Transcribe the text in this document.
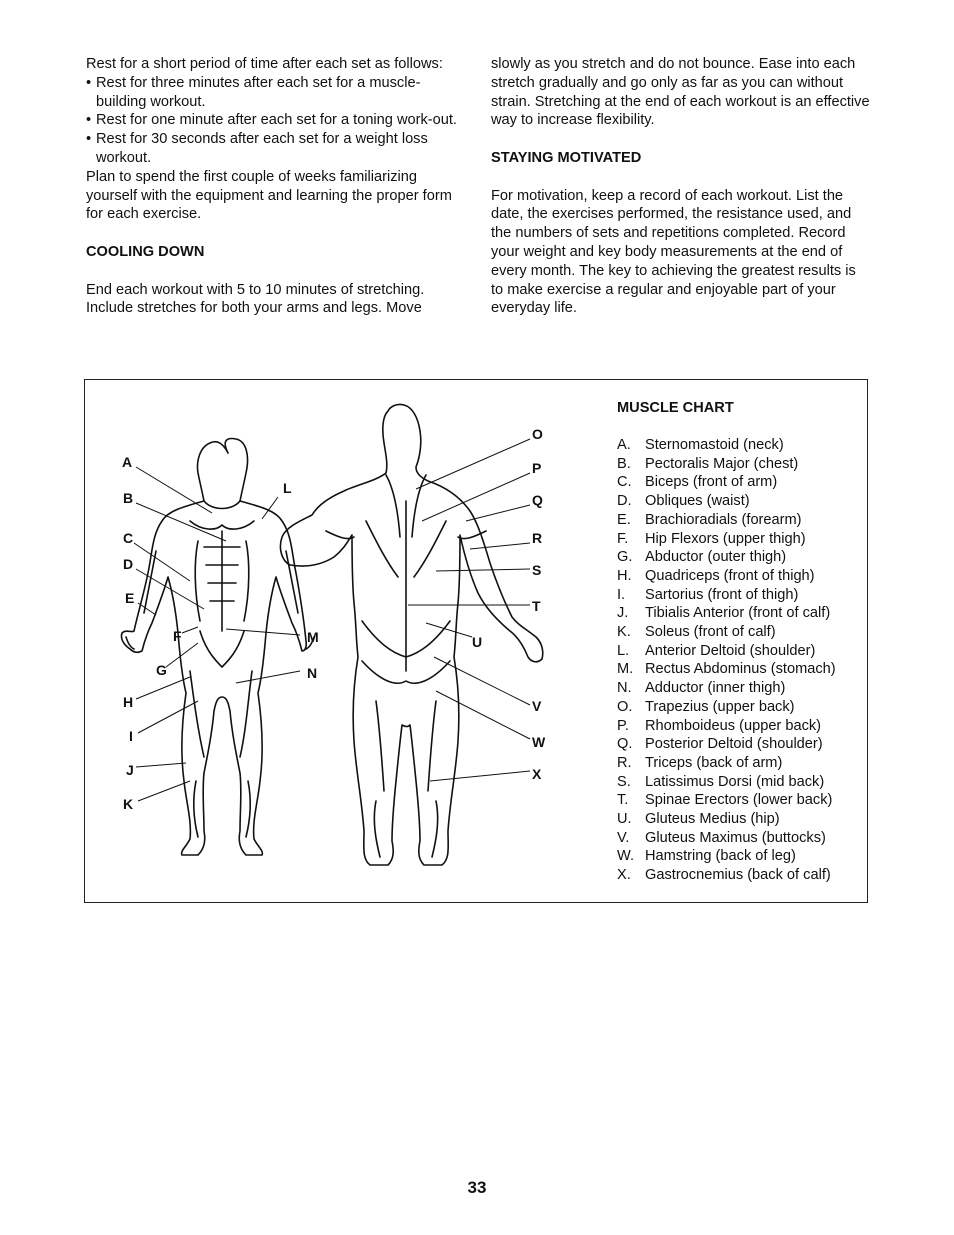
Rest for a short period of time after each set as follows:

• Rest for three minutes after each set for a muscle-building workout.
• Rest for one minute after each set for a toning work-out.
• Rest for 30 seconds after each set for a weight loss workout.

Plan to spend the first couple of weeks familiarizing yourself with the equipment and learning the proper form for each exercise.

COOLING DOWN

End each workout with 5 to 10 minutes of stretching. Include stretches for both your arms and legs. Move

slowly as you stretch and do not bounce. Ease into each stretch gradually and go only as far as you can without strain. Stretching at the end of each workout is an effective way to increase flexibility.

STAYING MOTIVATED

For motivation, keep a record of each workout. List the date, the exercises performed, the resistance used, and the numbers of sets and repetitions completed. Record your weight and key body measurements at the end of every month. The key to achieving the greatest results is to make exercise a regular and enjoyable part of your everyday life.

A
B
C
D
E
F
G
H
I
J
K
L
M
N
O
P
Q
R
S
T
U
V
W
X
MUSCLE CHART
A. Sternomastoid (neck)
B. Pectoralis Major (chest)
C. Biceps (front of arm)
D. Obliques (waist)
E. Brachioradials (forearm)
F.	Hip Flexors (upper thigh)
G. Abductor (outer thigh)
H. Quadriceps (front of thigh)
I.	Sartorius (front of thigh)
J.	Tibialis Anterior (front of calf)
K. Soleus (front of calf)
L.	Anterior Deltoid (shoulder)
M. Rectus Abdominus (stomach)
N. Adductor (inner thigh)
O. Trapezius (upper back)
P.	Rhomboideus (upper back)
Q. Posterior Deltoid (shoulder)
R. Triceps (back of arm)
S. Latissimus Dorsi (mid back)
T.	Spinae Erectors (lower back)
U. Gluteus Medius (hip)
V.	Gluteus Maximus (buttocks)
W. Hamstring (back of leg)
X. Gastrocnemius (back of calf)
33
